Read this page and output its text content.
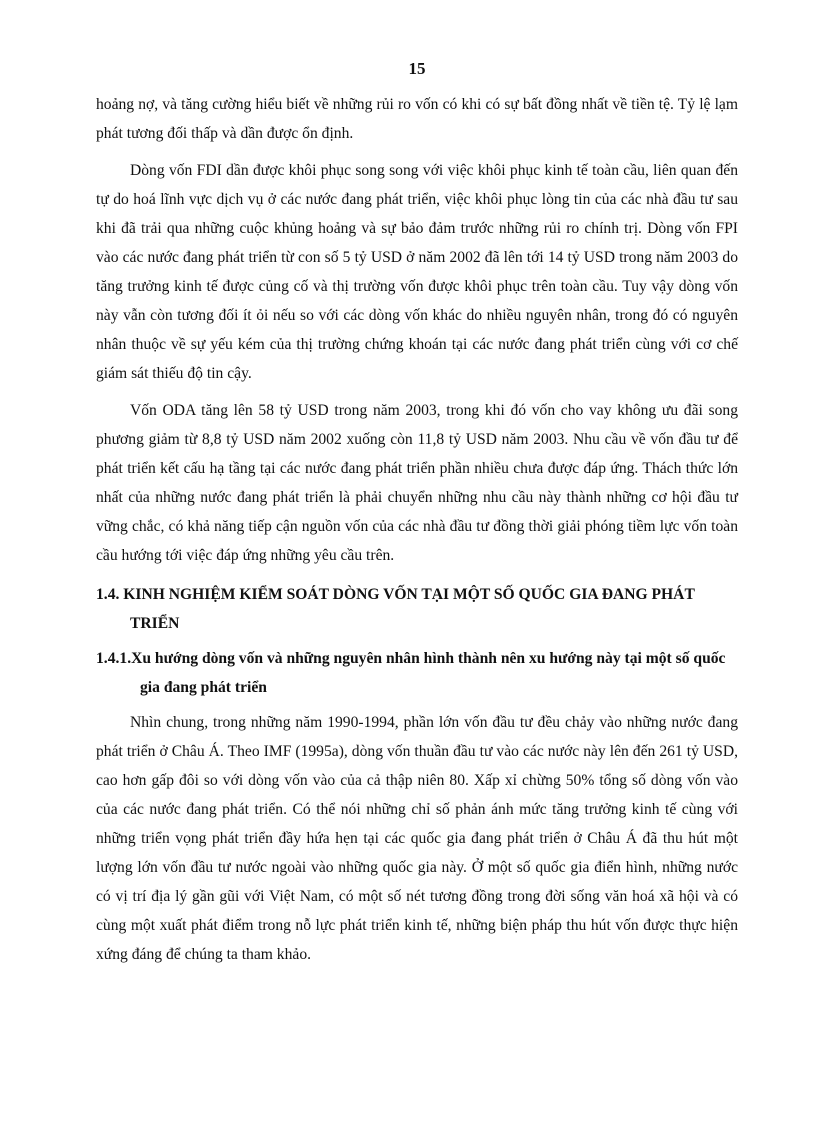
15

hoảng nợ, và tăng cường hiểu biết về những rủi ro vốn có khi có sự bất đồng nhất về tiền tệ. Tỷ lệ lạm phát tương đối thấp và dần được ổn định.

Dòng vốn FDI dần được khôi phục song song với việc khôi phục kinh tế toàn cầu, liên quan đến tự do hoá lĩnh vực dịch vụ ở các nước đang phát triển, việc khôi phục lòng tin của các nhà đầu tư sau khi đã trải qua những cuộc khủng hoảng và sự bảo đảm trước những rủi ro chính trị. Dòng vốn FPI vào các nước đang phát triển từ con số 5 tỷ USD ở năm 2002 đã lên tới 14 tỷ USD trong năm 2003 do tăng trưởng kinh tế được củng cố và thị trường vốn được khôi phục trên toàn cầu. Tuy vậy dòng vốn này vẫn còn tương đối ít ỏi nếu so với các dòng vốn khác do nhiều nguyên nhân, trong đó có nguyên nhân thuộc về sự yếu kém của thị trường chứng khoán tại các nước đang phát triển cùng với cơ chế giám sát thiếu độ tin cậy.

Vốn ODA tăng lên 58 tỷ USD trong năm 2003, trong khi đó vốn cho vay không ưu đãi song phương giảm từ 8,8 tỷ USD năm 2002 xuống còn 11,8 tỷ USD năm 2003. Nhu cầu về vốn đầu tư để phát triển kết cấu hạ tầng tại các nước đang phát triển phần nhiều chưa được đáp ứng. Thách thức lớn nhất của những nước đang phát triển là phải chuyển những nhu cầu này thành những cơ hội đầu tư vững chắc, có khả năng tiếp cận nguồn vốn của các nhà đầu tư đồng thời giải phóng tiềm lực vốn toàn cầu hướng tới việc đáp ứng những yêu cầu trên.

1.4. KINH NGHIỆM KIỂM SOÁT DÒNG VỐN TẠI MỘT SỐ QUỐC GIA ĐANG PHÁT TRIỂN
1.4.1.Xu hướng dòng vốn và những nguyên nhân hình thành nên xu hướng này tại một số quốc gia đang phát triển

Nhìn chung, trong những năm 1990-1994, phần lớn vốn đầu tư đều chảy vào những nước đang phát triển ở Châu Á. Theo IMF (1995a), dòng vốn thuần đầu tư vào các nước này lên đến 261 tỷ USD, cao hơn gấp đôi so với dòng vốn vào của cả thập niên 80. Xấp xỉ chừng 50% tổng số dòng vốn vào của các nước đang phát triển. Có thể nói những chỉ số phản ánh mức tăng trưởng kinh tế cùng với những triển vọng phát triển đầy hứa hẹn tại các quốc gia đang phát triển ở Châu Á đã thu hút một lượng lớn vốn đầu tư nước ngoài vào những quốc gia này. Ở một số quốc gia điển hình, những nước có vị trí địa lý gần gũi với Việt Nam, có một số nét tương đồng trong đời sống văn hoá xã hội và có cùng một xuất phát điểm trong nỗ lực phát triển kinh tế, những biện pháp thu hút vốn được thực hiện xứng đáng để chúng ta tham khảo.
